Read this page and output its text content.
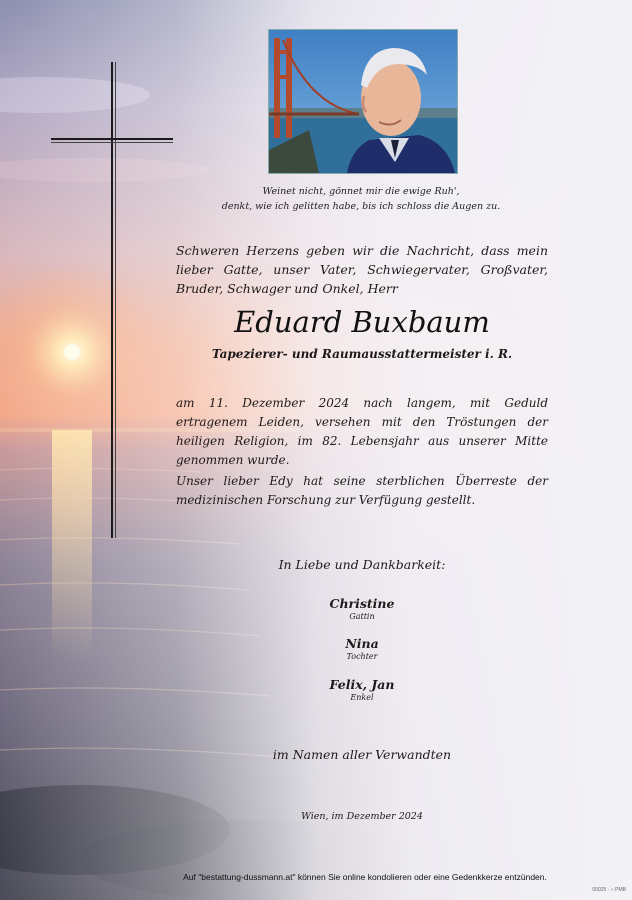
Weinet nicht, gönnet mir die ewige Ruh',
denkt, wie ich gelitten habe, bis ich schloss die Augen zu.
Schweren Herzens geben wir die Nachricht, dass mein lieber Gatte, unser Vater, Schwiegervater, Großvater, Bruder, Schwager und Onkel, Herr
Eduard Buxbaum
Tapezierer- und Raumausstattermeister i. R.
am 11. Dezember 2024 nach langem, mit Geduld ertragenem Leiden, versehen mit den Tröstungen der heiligen Religion, im 82. Lebensjahr aus unserer Mitte genommen wurde.
Unser lieber Edy hat seine sterblichen Überreste der medizinischen Forschung zur Verfügung gestellt.
In Liebe und Dankbarkeit:
Christine
Gattin
Nina
Tochter
Felix, Jan
Enkel
im Namen aller Verwandten
Wien, im Dezember 2024
Auf "bestattung-dussmann.at" können Sie online kondolieren oder eine Gedenkkerze entzünden.
00025 · ○ PMB
